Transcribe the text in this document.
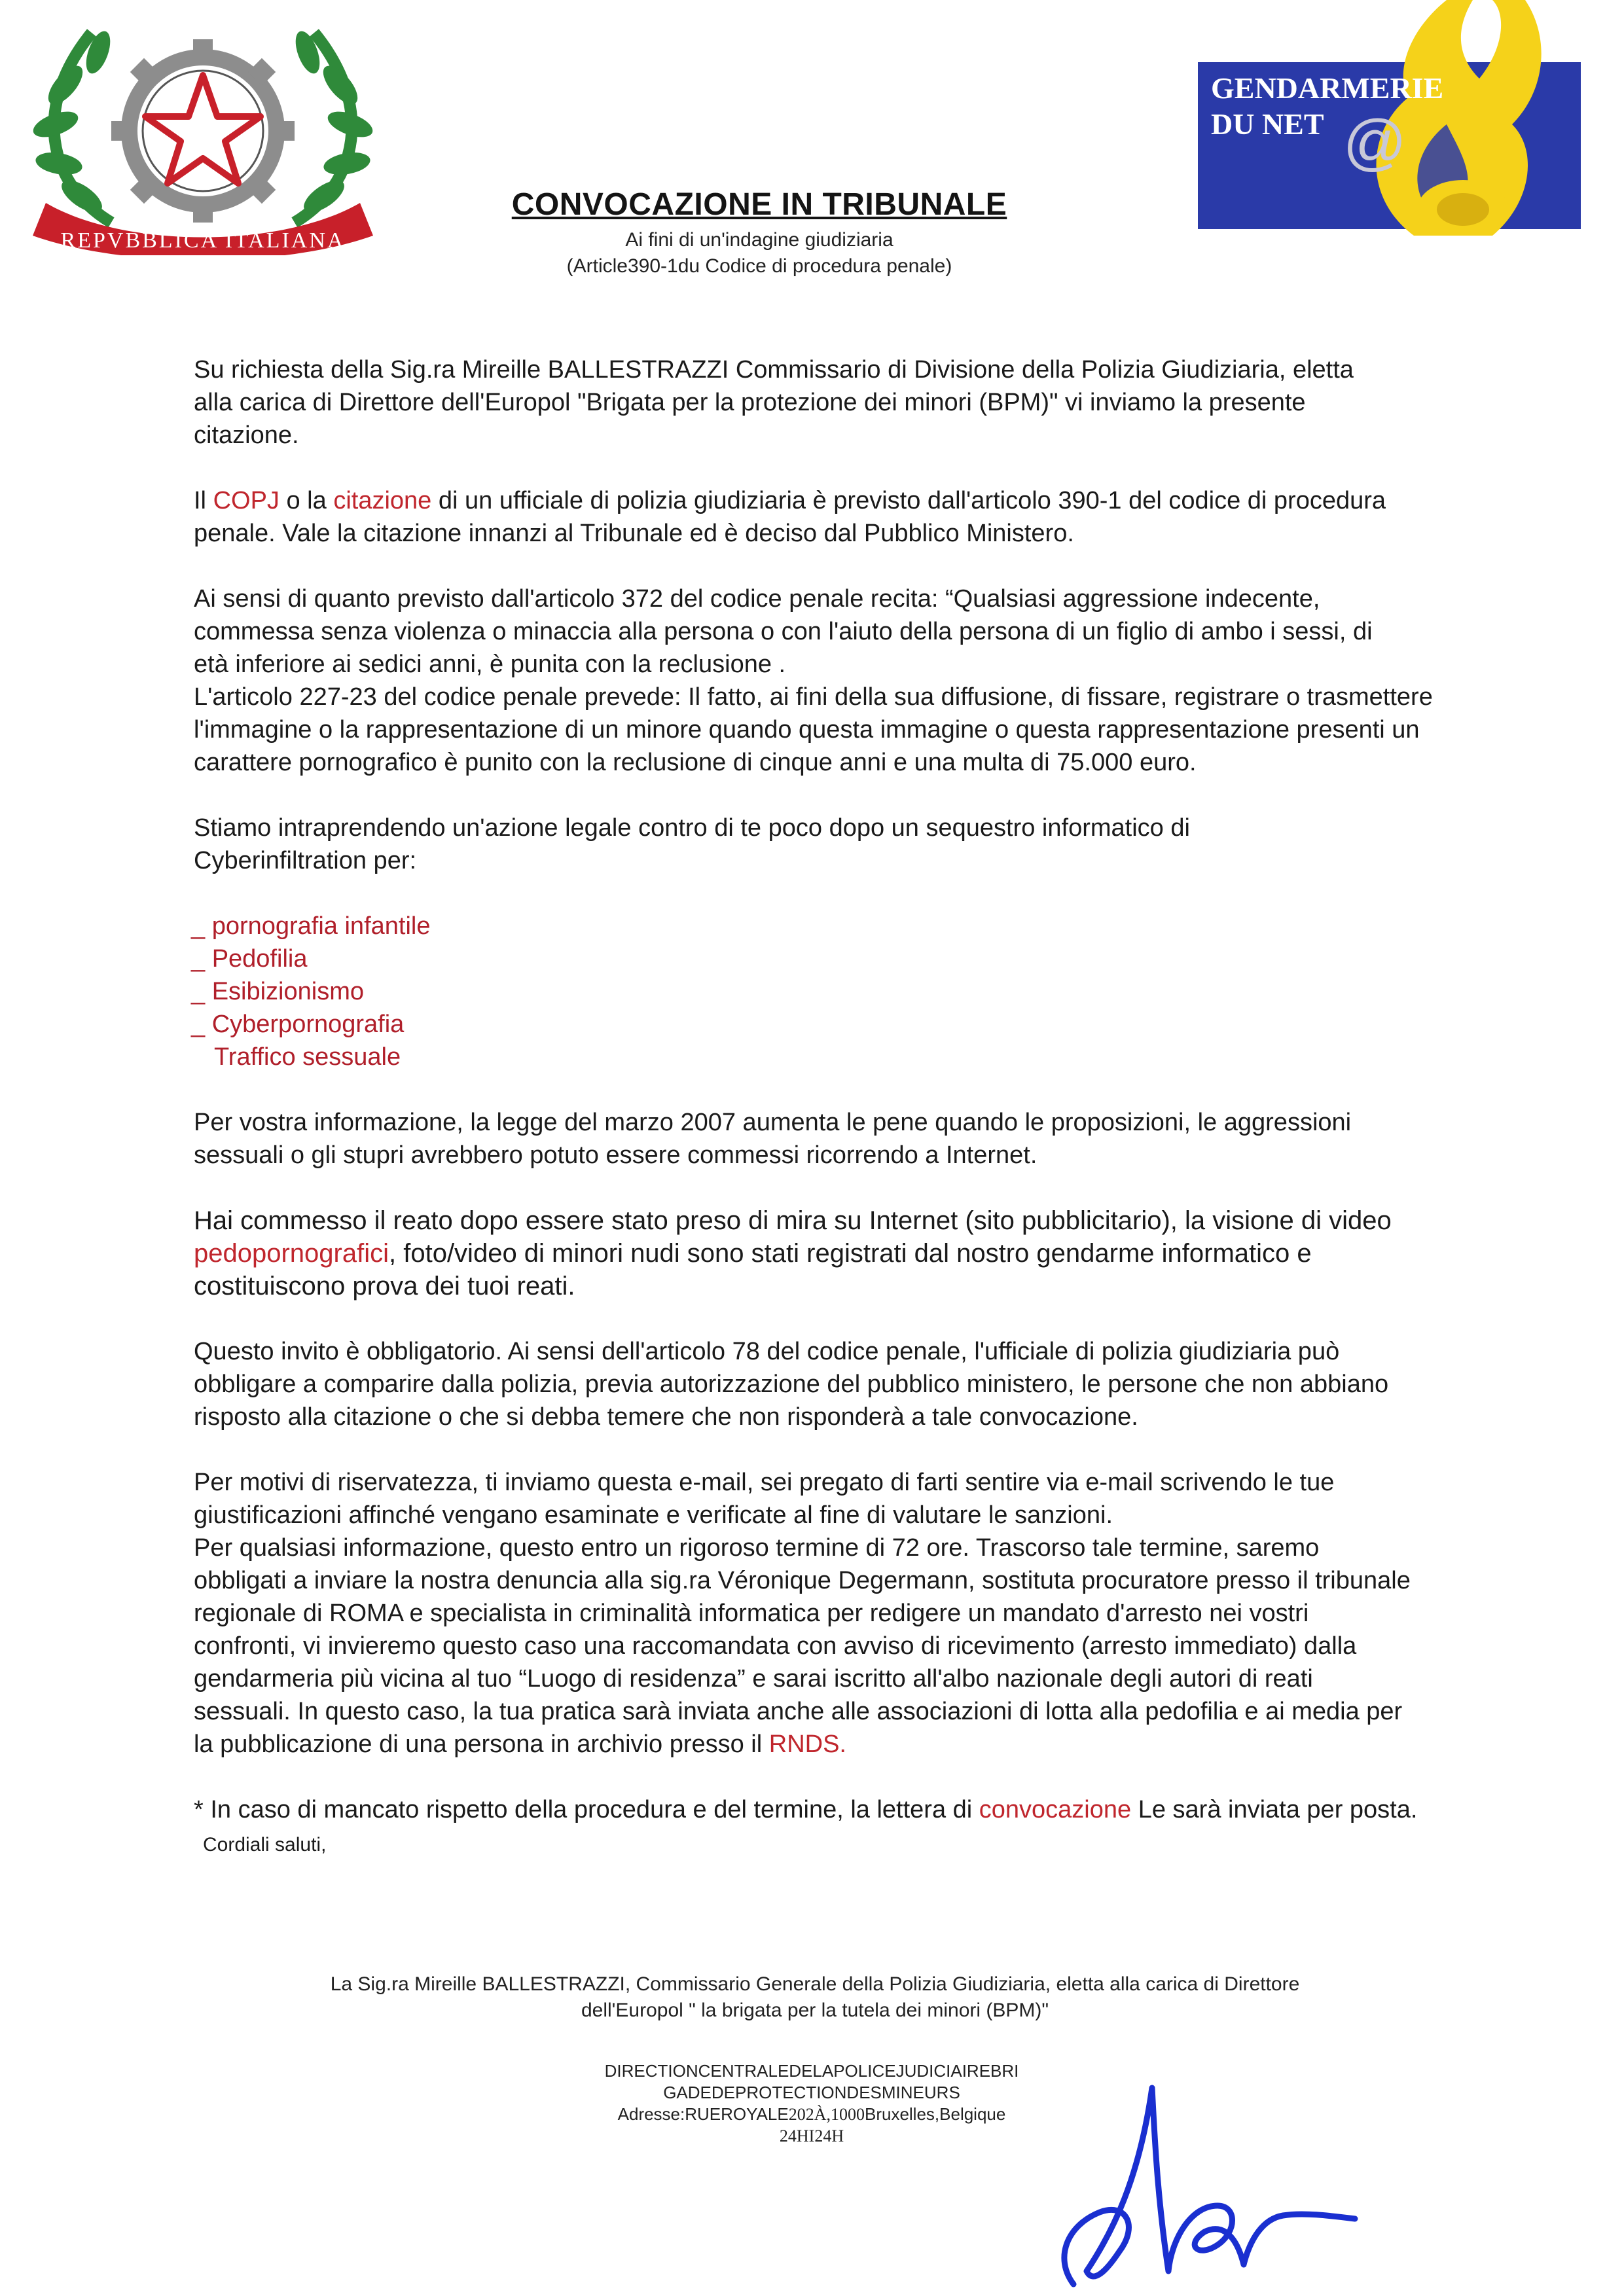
REPVBBLICA ITALIANA
GENDARMERIE
DU NET @
CONVOCAZIONE IN TRIBUNALE
Ai fini di un'indagine giudiziaria
(Article390-1du Codice di procedura penale)

Su richiesta della Sig.ra Mireille BALLESTRAZZI Commissario di Divisione della Polizia Giudiziaria, eletta alla carica di Direttore dell'Europol "Brigata per la protezione dei minori (BPM)" vi inviamo la presente citazione.

Il COPJ o la citazione di un ufficiale di polizia giudiziaria è previsto dall'articolo 390-1 del codice di procedura penale. Vale la citazione innanzi al Tribunale ed è deciso dal Pubblico Ministero.

Ai sensi di quanto previsto dall'articolo 372 del codice penale recita: “Qualsiasi aggressione indecente, commessa senza violenza o minaccia alla persona o con l'aiuto della persona di un figlio di ambo i sessi, di età inferiore ai sedici anni, è punita con la reclusione .

L'articolo 227-23 del codice penale prevede: Il fatto, ai fini della sua diffusione, di fissare, registrare o trasmettere l'immagine o la rappresentazione di un minore quando questa immagine o questa rappresentazione presenti un carattere pornografico è punito con la reclusione di cinque anni e una multa di 75.000 euro.

Stiamo intraprendendo un'azione legale contro di te poco dopo un sequestro informatico di Cyberinfiltration per:

_ pornografia infantile
_ Pedofilia
_ Esibizionismo
_ Cyberpornografia
Traffico sessuale

Per vostra informazione, la legge del marzo 2007 aumenta le pene quando le proposizioni, le aggressioni sessuali o gli stupri avrebbero potuto essere commessi ricorrendo a Internet.

Hai commesso il reato dopo essere stato preso di mira su Internet (sito pubblicitario), la visione di video pedopornografici, foto/video di minori nudi sono stati registrati dal nostro gendarme informatico e costituiscono prova dei tuoi reati.

Questo invito è obbligatorio. Ai sensi dell'articolo 78 del codice penale, l'ufficiale di polizia giudiziaria può obbligare a comparire dalla polizia, previa autorizzazione del pubblico ministero, le persone che non abbiano risposto alla citazione o che si debba temere che non risponderà a tale convocazione.

Per motivi di riservatezza, ti inviamo questa e-mail, sei pregato di farti sentire via e-mail scrivendo le tue giustificazioni affinché vengano esaminate e verificate al fine di valutare le sanzioni.

Per qualsiasi informazione, questo entro un rigoroso termine di 72 ore. Trascorso tale termine, saremo obbligati a inviare la nostra denuncia alla sig.ra Véronique Degermann, sostituta procuratore presso il tribunale regionale di ROMA e specialista in criminalità informatica per redigere un mandato d'arresto nei vostri confronti, vi invieremo questo caso una raccomandata con avviso di ricevimento (arresto immediato) dalla gendarmeria più vicina al tuo “Luogo di residenza” e sarai iscritto all'albo nazionale degli autori di reati sessuali. In questo caso, la tua pratica sarà inviata anche alle associazioni di lotta alla pedofilia e ai media per la pubblicazione di una persona in archivio presso il RNDS.

* In caso di mancato rispetto della procedura e del termine, la lettera di convocazione Le sarà inviata per posta.

Cordiali saluti,
La Sig.ra Mireille BALLESTRAZZI, Commissario Generale della Polizia Giudiziaria, eletta alla carica di Direttore
dell'Europol " la brigata per la tutela dei minori (BPM)"
DIRECTIONCENTRALEDELAPOLICEJUDICIAIREBRI
GADEDEPROTECTIONDESMINEURS
Adresse:RUEROYALE202À,1000Bruxelles,Belgique
24HI24H
